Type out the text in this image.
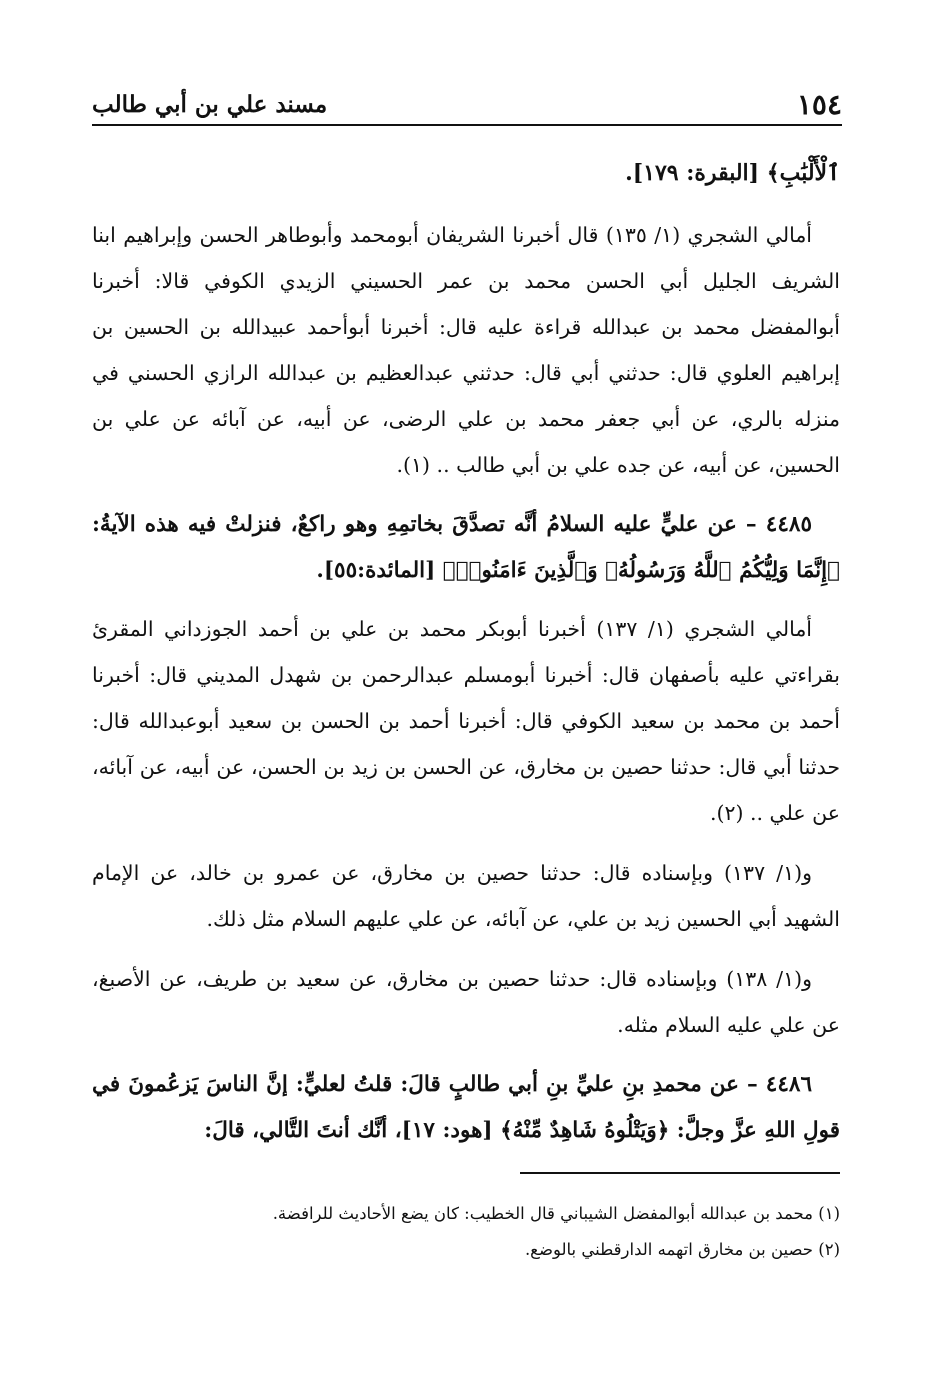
١٥٤
مسند علي بن أبي طالب

ٱلْأَلْبَٰبِ﴾ [البقرة: ١٧٩].

أمالي الشجري (١/ ١٣٥) قال أخبرنا الشريفان أبومحمد وأبوطاهر الحسن وإبراهيم ابنا الشريف الجليل أبي الحسن محمد بن عمر الحسيني الزيدي الكوفي قالا: أخبرنا أبوالمفضل محمد بن عبدالله قراءة عليه قال: أخبرنا أبوأحمد عبيدالله بن الحسين بن إبراهيم العلوي قال: حدثني أبي قال: حدثني عبدالعظيم بن عبدالله الرازي الحسني في منزله بالري، عن أبي جعفر محمد بن علي الرضى، عن أبيه، عن آبائه عن علي بن الحسين، عن أبيه، عن جده علي بن أبي طالب .. (١).

٤٤٨٥ – عن عليٍّ عليه السلامُ أنَّه تصدَّقَ بخاتمِهِ وهو راكعٌ، فنزلتْ فيه هذه الآيةُ: ﴿إِنَّمَا وَلِيُّكُمُ ٱللَّهُ وَرَسُولُهُۥ وَٱلَّذِينَ ءَامَنُوا۟﴾ [المائدة:٥٥].

أمالي الشجري (١/ ١٣٧) أخبرنا أبوبكر محمد بن علي بن أحمد الجوزداني المقرئ بقراءتي عليه بأصفهان قال: أخبرنا أبومسلم عبدالرحمن بن شهدل المديني قال: أخبرنا أحمد بن محمد بن سعيد الكوفي قال: أخبرنا أحمد بن الحسن بن سعيد أبوعبدالله قال: حدثنا أبي قال: حدثنا حصين بن مخارق، عن الحسن بن زيد بن الحسن، عن أبيه، عن آبائه، عن علي .. (٢).

و(١/ ١٣٧) وبإسناده قال: حدثنا حصين بن مخارق، عن عمرو بن خالد، عن الإمام الشهيد أبي الحسين زيد بن علي، عن آبائه، عن علي عليهم السلام مثل ذلك.

و(١/ ١٣٨) وبإسناده قال: حدثنا حصين بن مخارق، عن سعيد بن طريف، عن الأصبغ، عن علي عليه السلام مثله.

٤٤٨٦ – عن محمدِ بنِ عليِّ بنِ أبي طالبٍ قالَ: قلتُ لعليٍّ: إنَّ الناسَ يَزعُمونَ في قولِ اللهِ عزَّ وجلَّ: ﴿وَيَتْلُوهُ شَاهِدٌ مِّنْهُ﴾ [هود: ١٧]، أنَّك أنتَ التَّالي، قالَ:

(١) محمد بن عبدالله أبوالمفضل الشيباني قال الخطيب: كان يضع الأحاديث للرافضة.

(٢) حصين بن مخارق اتهمه الدارقطني بالوضع.
